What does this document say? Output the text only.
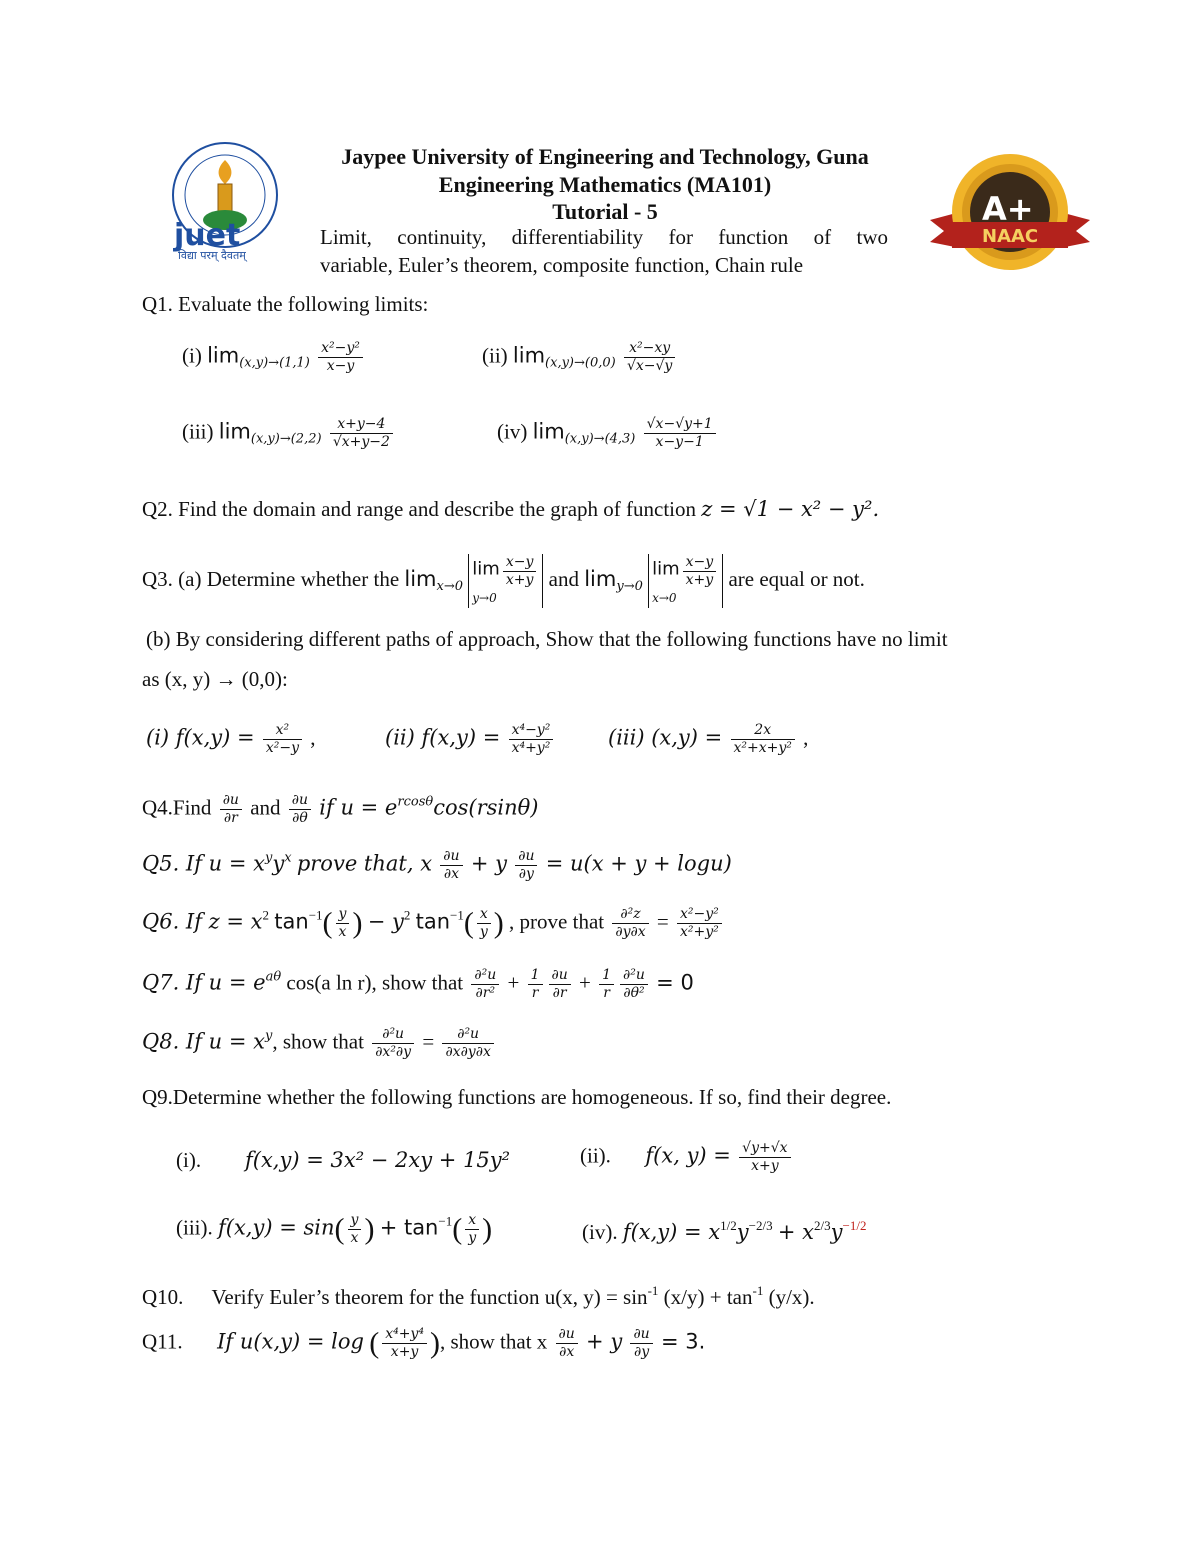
juet
विद्या परम् दैवतम्
A+
NAAC
Jaypee University of Engineering and Technology, Guna
Engineering Mathematics (MA101)
Tutorial - 5
Limit, continuity, differentiability for function of two
variable, Euler’s theorem, composite function, Chain rule
Q1. Evaluate the following limits:
(i) $\lim_{(x,y)\to(1,1)} \frac{\text{x²−y²}}{x-y}$	(ii) $\lim_{(x,y)\to(0,0)} \frac{\text{x²−xy}}{√x-√y}$
(iii) $\lim_{(x,y)\to(2,2)} \frac{x+y-4}{√x+y-2}$	(iv) $\lim_{(x,y)\to(4,3)} \frac{√x-√y+1}{x-y-1}$
Q2. Find the domain and range and describe the graph of function z = √1 − x² − y².
Q3. (a) Determine whether the $\lim_{x\to 0} \lim \frac{x-y}{x+y}$

y→0 and $\lim_{y\to 0} \lim \frac{x-y}{x+y}$

x→0 are equal or not.
(b) By considering different paths of approach, Show that the following functions have no limit
as (x, y) → (0,0):
(i) $f(x,y) = \frac{\text{x²}}{\text{x²−y}}$ ,	(ii) $f(x,y) = \frac{\text{x⁴−y²}}{\text{x⁴+y²}}$	(iii) $(x,y) = \frac{2x}{\text{x²+x+y²}}$ ,
Q4.Find $\frac{\partial u}{\partial r}$ and $\frac{\partial u}{\partial\theta}$ if $u = e^{rcos\theta}\cos(rsin\theta)$
Q5. If $u = x^yy^x$ prove that, x $\frac{\partial u}{\partial x} + y \frac{\partial u}{\partial y} = u(x + y + \log u)$
Q6. If $z = x^2$ $\tan^{-1}( \frac{y}{x}$ ) − $y^2$ $\tan^{-1}( \frac{x}{y}$ ) , prove that $\frac{\text{∂²z}}{\partial y\partial x} = \frac{\text{x²−y²}}{\text{x²+y²}}$
Q7. If $u = e^{a\theta}$ cos(a ln r), show that $\frac{\text{∂²u}}{\text{∂r²}} + \frac{1}{r} \frac{\partial u}{\partial r} + \frac{1}{r} \frac{\text{∂²u}}{\text{∂θ²}} = 0$
Q8. If $u = x^y$, show that $\frac{\text{∂²u}}{\text{∂x²∂y}} = \frac{\text{∂²u}}{\partial x\partial y\partial x}$
Q9.Determine whether the following functions are homogeneous. If so, find their degree.
(i). f(x,y) = 3x² − 2xy + 15y²	(ii). f(x, $y) = \frac{√y+√x}{x+y}$
(iii). $f(x,y) = \sin( \frac{y}{x}$ ) + $\tan^{-1}( \frac{x}{y}$ )	(iv). $f(x,y) = x^{1/2}y^{-2/3} + x^{2/3}y^{-1/2}$
Q10. Verify Euler’s theorem for the function u(x, $y) = \sin^{-1} (x/y) + \tan^{-1} (y/x)$.
Q11. If u(x,y) = log ( $\frac{\text{x⁴+y⁴}}{x+y}$ ), show that x $\frac{\partial u}{\partial x} + y \frac{\partial u}{\partial y} = 3$.
